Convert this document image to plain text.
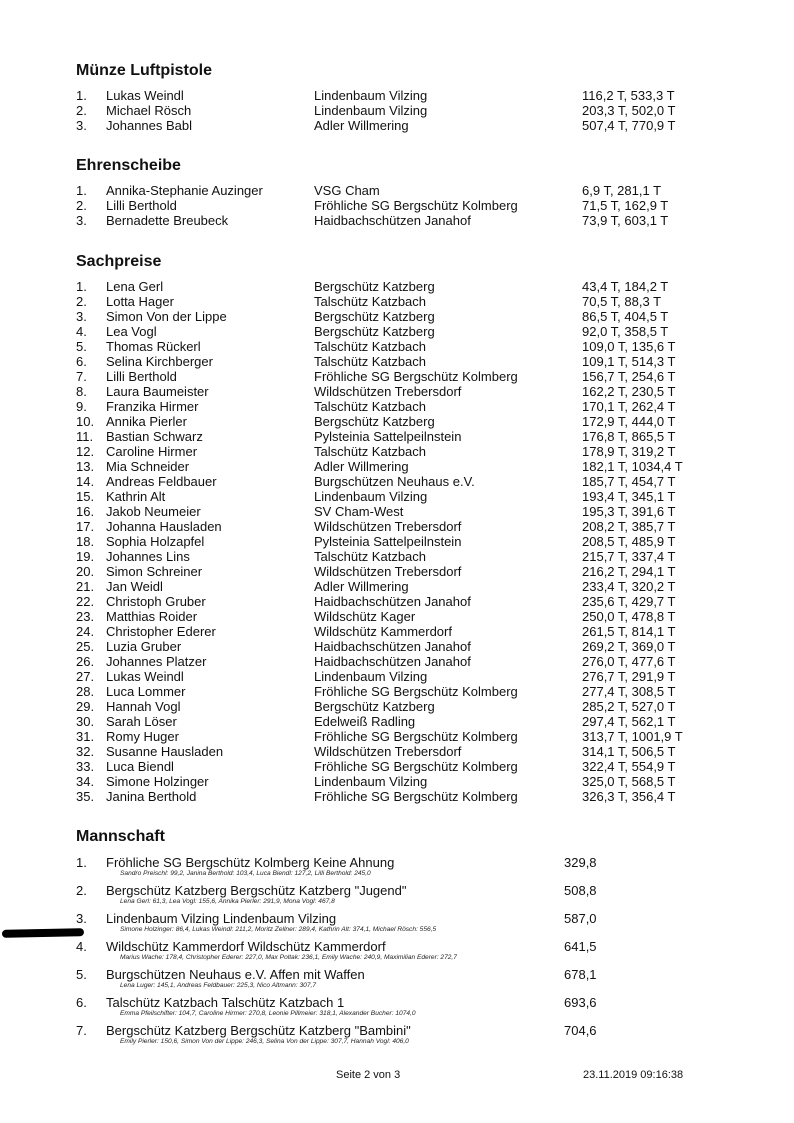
Münze Luftpistole
1. Lukas Weindl	Lindenbaum Vilzing	116,2 T, 533,3 T
2. Michael Rösch	Lindenbaum Vilzing	203,3 T, 502,0 T
3. Johannes Babl	Adler Willmering	507,4 T, 770,9 T
Ehrenscheibe
1. Annika-Stephanie Auzinger	VSG Cham	6,9 T, 281,1 T
2. Lilli Berthold	Fröhliche SG Bergschütz Kolmberg	71,5 T, 162,9 T
3. Bernadette Breubeck	Haidbachschützen Janahof	73,9 T, 603,1 T
Sachpreise
1. Lena Gerl	Bergschütz Katzberg	43,4 T, 184,2 T
2. Lotta Hager	Talschütz Katzbach	70,5 T, 88,3 T
3. Simon Von der Lippe	Bergschütz Katzberg	86,5 T, 404,5 T
4. Lea Vogl	Bergschütz Katzberg	92,0 T, 358,5 T
5. Thomas Rückerl	Talschütz Katzbach	109,0 T, 135,6 T
6. Selina Kirchberger	Talschütz Katzbach	109,1 T, 514,3 T
7. Lilli Berthold	Fröhliche SG Bergschütz Kolmberg	156,7 T, 254,6 T
8. Laura Baumeister	Wildschützen Trebersdorf	162,2 T, 230,5 T
9. Franzika Hirmer	Talschütz Katzbach	170,1 T, 262,4 T
10. Annika Pierler	Bergschütz Katzberg	172,9 T, 444,0 T
11. Bastian Schwarz	Pylsteinia Sattelpeilnstein	176,8 T, 865,5 T
12. Caroline Hirmer	Talschütz Katzbach	178,9 T, 319,2 T
13. Mia Schneider	Adler Willmering	182,1 T, 1034,4 T
14. Andreas Feldbauer	Burgschützen Neuhaus e.V.	185,7 T, 454,7 T
15. Kathrin Alt	Lindenbaum Vilzing	193,4 T, 345,1 T
16. Jakob Neumeier	SV Cham-West	195,3 T, 391,6 T
17. Johanna Hausladen	Wildschützen Trebersdorf	208,2 T, 385,7 T
18. Sophia Holzapfel	Pylsteinia Sattelpeilnstein	208,5 T, 485,9 T
19. Johannes Lins	Talschütz Katzbach	215,7 T, 337,4 T
20. Simon Schreiner	Wildschützen Trebersdorf	216,2 T, 294,1 T
21. Jan Weidl	Adler Willmering	233,4 T, 320,2 T
22. Christoph Gruber	Haidbachschützen Janahof	235,6 T, 429,7 T
23. Matthias Roider	Wildschütz Kager	250,0 T, 478,8 T
24. Christopher Ederer	Wildschütz Kammerdorf	261,5 T, 814,1 T
25. Luzia Gruber	Haidbachschützen Janahof	269,2 T, 369,0 T
26. Johannes Platzer	Haidbachschützen Janahof	276,0 T, 477,6 T
27. Lukas Weindl	Lindenbaum Vilzing	276,7 T, 291,9 T
28. Luca Lommer	Fröhliche SG Bergschütz Kolmberg	277,4 T, 308,5 T
29. Hannah Vogl	Bergschütz Katzberg	285,2 T, 527,0 T
30. Sarah Löser	Edelweiß Radling	297,4 T, 562,1 T
31. Romy Huger	Fröhliche SG Bergschütz Kolmberg	313,7 T, 1001,9 T
32. Susanne Hausladen	Wildschützen Trebersdorf	314,1 T, 506,5 T
33. Luca Biendl	Fröhliche SG Bergschütz Kolmberg	322,4 T, 554,9 T
34. Simone Holzinger	Lindenbaum Vilzing	325,0 T, 568,5 T
35. Janina Berthold	Fröhliche SG Bergschütz Kolmberg	326,3 T, 356,4 T
Mannschaft
1. Fröhliche SG Bergschütz Kolmberg Keine Ahnung	329,8
Sandro Preischl: 99,2, Janina Berthold: 103,4, Luca Biendl: 127,2, Lilli Berthold: 245,0
2. Bergschütz Katzberg Bergschütz Katzberg "Jugend"	508,8
Lena Gerl: 61,3, Lea Vogl: 155,6, Annika Pierler: 291,9, Mona Vogl: 467,8
3. Lindenbaum Vilzing Lindenbaum Vilzing	587,0
Simone Holzinger: 86,4, Lukas Weindl: 211,2, Moritz Zellner: 289,4, Kathrin Alt: 374,1, Michael Rösch: 556,5
4. Wildschütz Kammerdorf Wildschütz Kammerdorf	641,5
Marius Wache: 178,4, Christopher Ederer: 227,0, Max Poltak: 236,1, Emily Wache: 240,9, Maximilian Ederer: 272,7
5. Burgschützen Neuhaus e.V. Affen mit Waffen	678,1
Lena Luger: 145,1, Andreas Feldbauer: 225,3, Nico Altmann: 307,7
6. Talschütz Katzbach Talschütz Katzbach 1	693,6
Emma Pfeilschifter: 104,7, Caroline Hirmer: 270,8, Leonie Pillmeier: 318,1, Alexander Bucher: 1074,0
7. Bergschütz Katzberg Bergschütz Katzberg "Bambini"	704,6
Emily Pierler: 150,6, Simon Von der Lippe: 246,3, Selina Von der Lippe: 307,7, Hannah Vogl: 406,0
Seite 2 von 3	23.11.2019 09:16:38
